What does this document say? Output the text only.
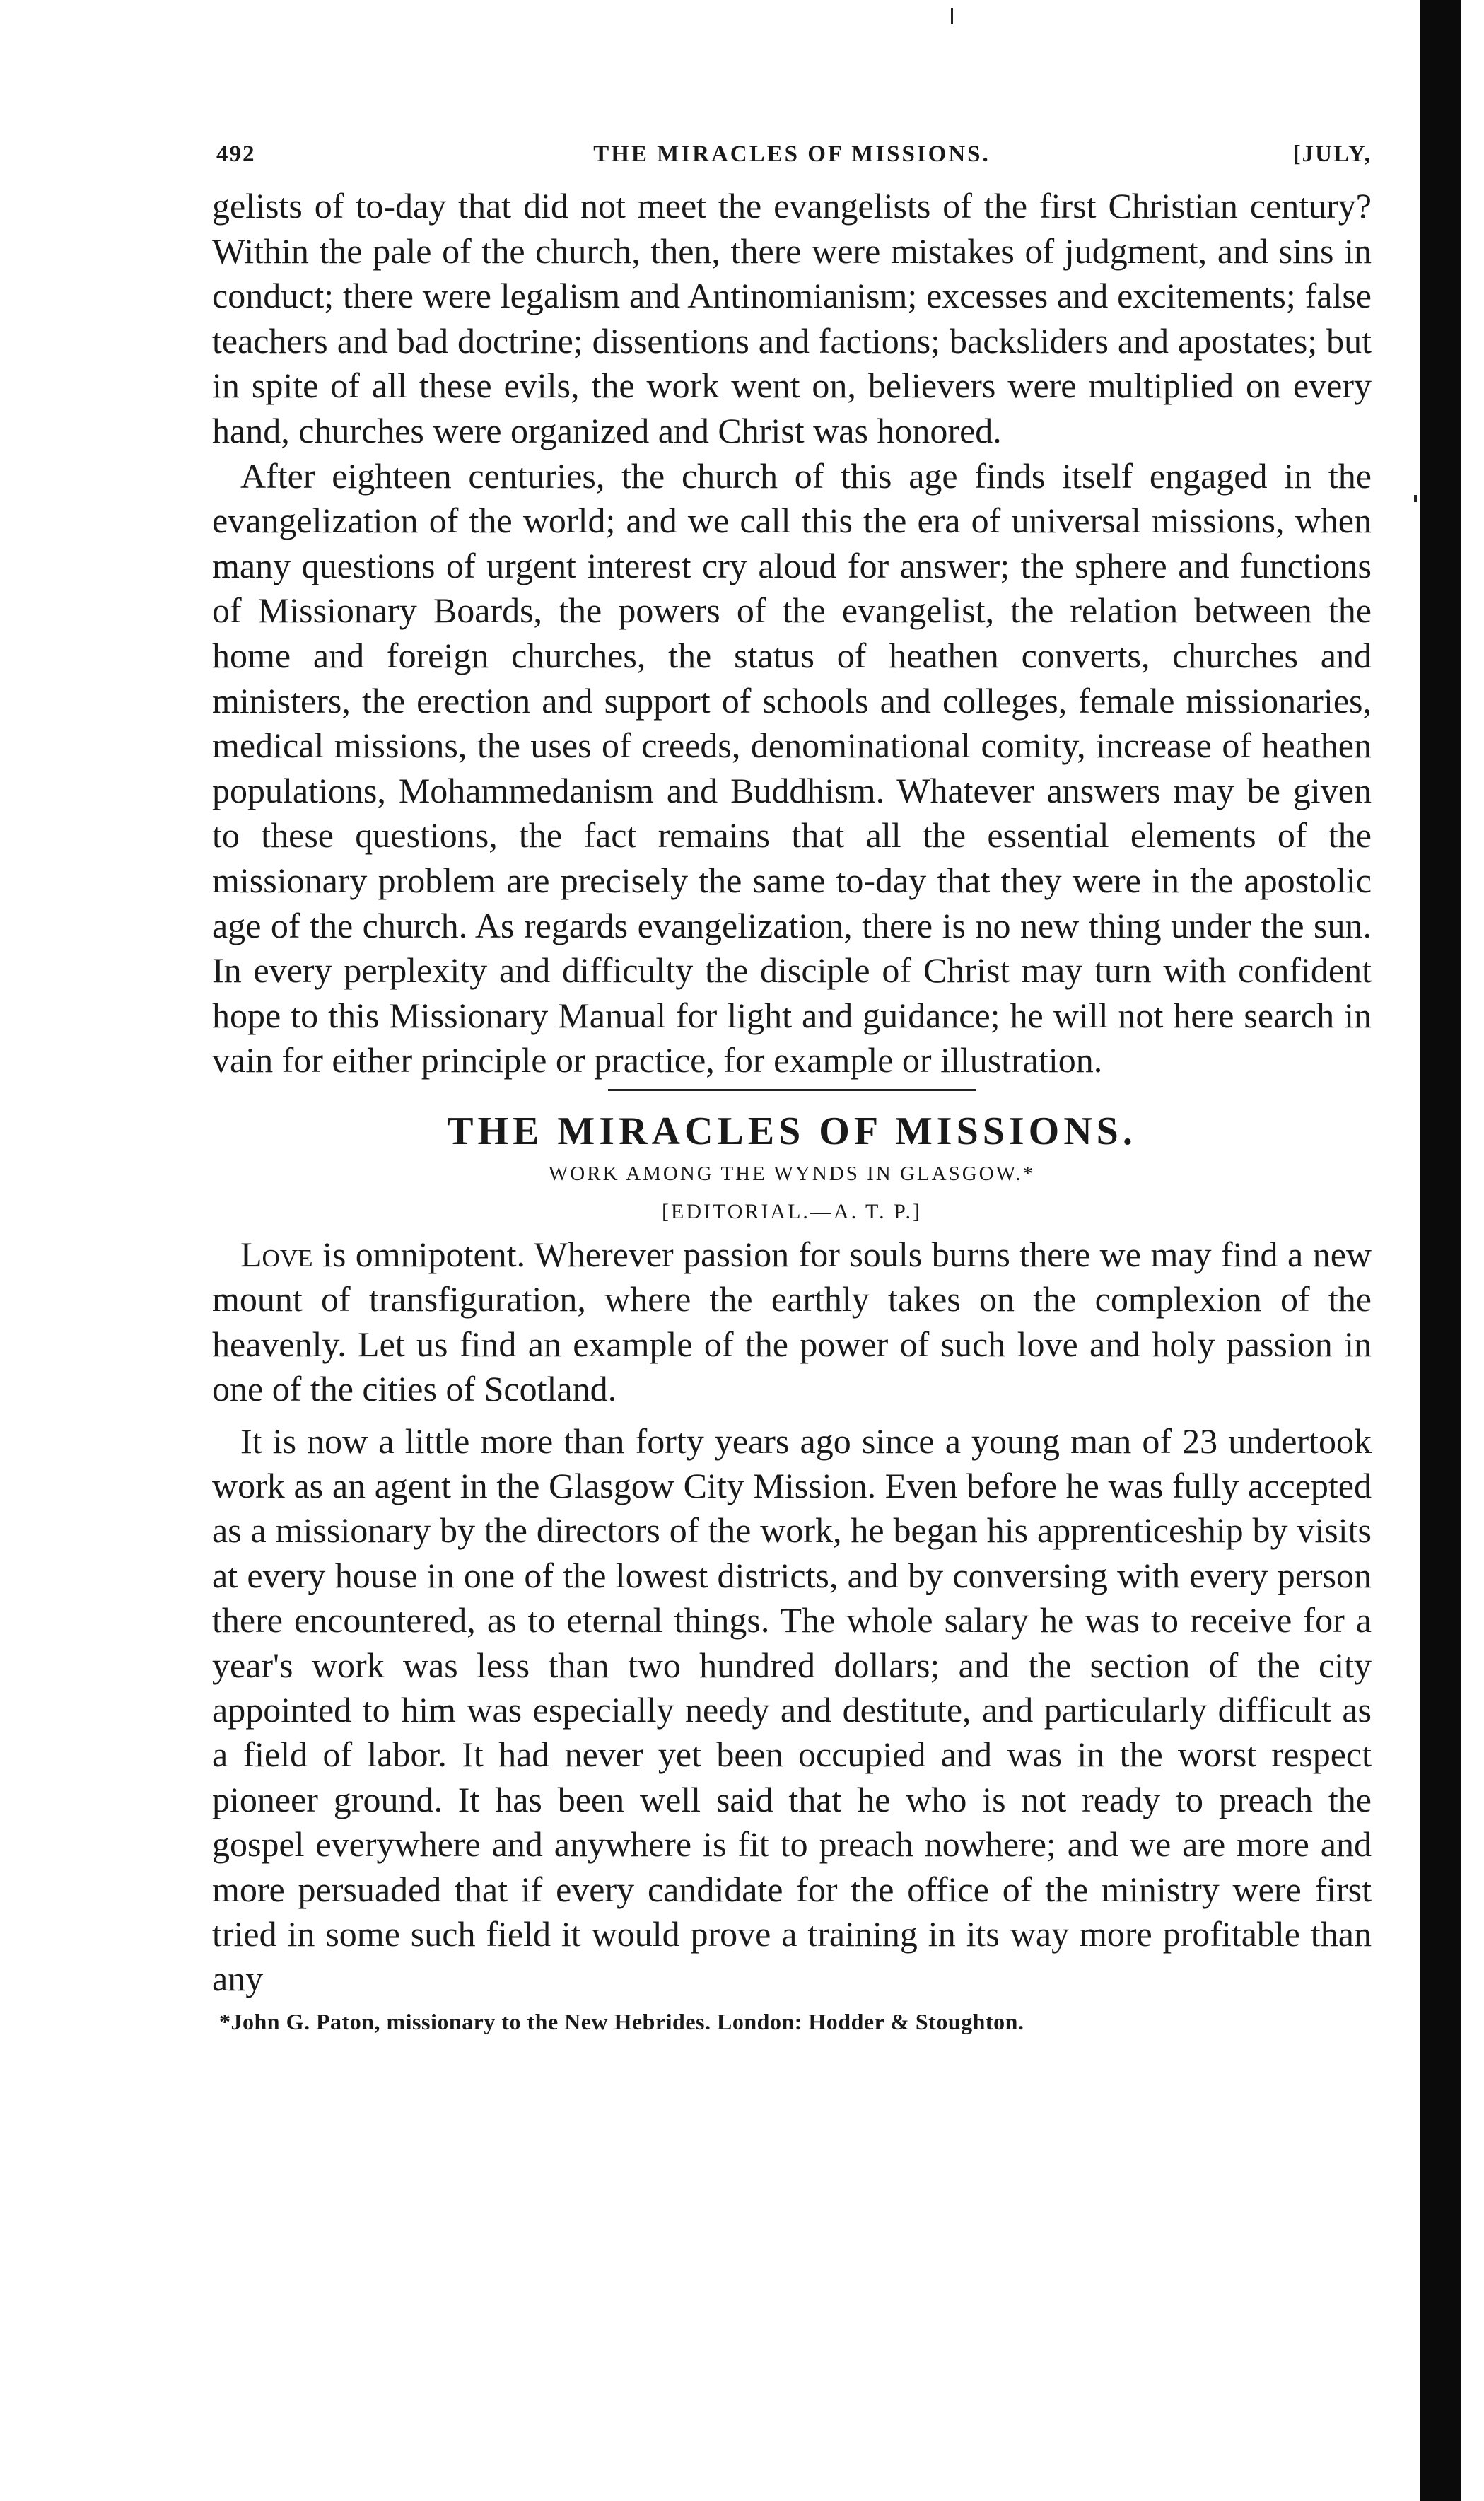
492	THE MIRACLES OF MISSIONS.	[JULY,

gelists of to-day that did not meet the evangelists of the first Christian century? Within the pale of the church, then, there were mistakes of judgment, and sins in conduct; there were legalism and Antinomianism; excesses and excitements; false teachers and bad doctrine; dissentions and factions; backsliders and apostates; but in spite of all these evils, the work went on, believers were multiplied on every hand, churches were organized and Christ was honored.

After eighteen centuries, the church of this age finds itself engaged in the evangelization of the world; and we call this the era of universal missions, when many questions of urgent interest cry aloud for answer; the sphere and functions of Missionary Boards, the powers of the evangelist, the relation between the home and foreign churches, the status of heathen converts, churches and ministers, the erection and support of schools and colleges, female missionaries, medical missions, the uses of creeds, denominational comity, increase of heathen populations, Mohammedanism and Buddhism. Whatever answers may be given to these questions, the fact remains that all the essential elements of the missionary problem are precisely the same to-day that they were in the apostolic age of the church. As regards evangelization, there is no new thing under the sun. In every perplexity and difficulty the disciple of Christ may turn with confident hope to this Missionary Manual for light and guidance; he will not here search in vain for either principle or practice, for example or illustration.

THE MIRACLES OF MISSIONS.
WORK AMONG THE WYNDS IN GLASGOW.*
[EDITORIAL.—A. T. P.]

Love is omnipotent. Wherever passion for souls burns there we may find a new mount of transfiguration, where the earthly takes on the complexion of the heavenly. Let us find an example of the power of such love and holy passion in one of the cities of Scotland.

It is now a little more than forty years ago since a young man of 23 undertook work as an agent in the Glasgow City Mission. Even before he was fully accepted as a missionary by the directors of the work, he began his apprenticeship by visits at every house in one of the lowest districts, and by conversing with every person there encountered, as to eternal things. The whole salary he was to receive for a year's work was less than two hundred dollars; and the section of the city appointed to him was especially needy and destitute, and particularly difficult as a field of labor. It had never yet been occupied and was in the worst respect pioneer ground. It has been well said that he who is not ready to preach the gospel everywhere and anywhere is fit to preach nowhere; and we are more and more persuaded that if every candidate for the office of the ministry were first tried in some such field it would prove a training in its way more profitable than any

*John G. Paton, missionary to the New Hebrides. London: Hodder & Stoughton.
